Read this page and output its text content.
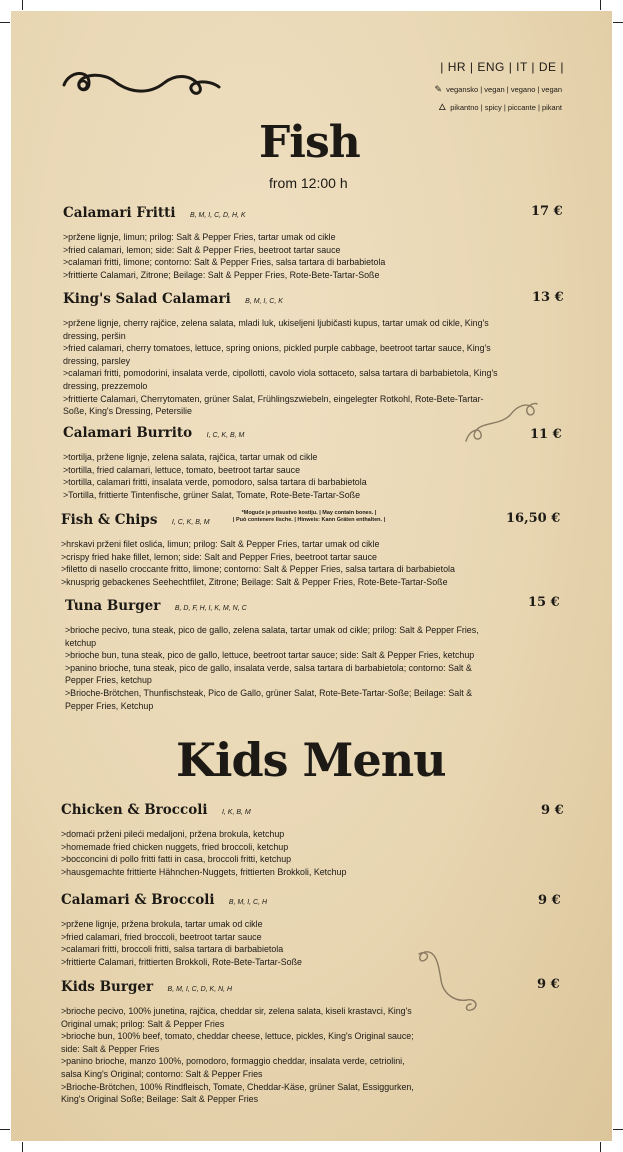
| HR | ENG | IT | DE |
✎ vegansko | vegan | vegano | vegan
🜂 pikantno | spicy | piccante | pikant
Fish
from 12:00 h
Calamari Fritti B, M, I, C, D, H, K
>pržene lignje, limun; prilog: Salt & Pepper Fries, tartar umak od cikle
>fried calamari, lemon; side: Salt & Pepper Fries, beetroot tartar sauce
>calamari fritti, limone; contorno: Salt & Pepper Fries, salsa tartara di barbabietola
>frittierte Calamari, Zitrone; Beilage: Salt & Pepper Fries, Rote-Bete-Tartar-Soße
17 €
King's Salad Calamari B, M, I, C, K
>pržene lignje, cherry rajčice, zelena salata, mladi luk, ukiseljeni ljubičasti kupus, tartar umak od cikle, King's dressing, peršin
>fried calamari, cherry tomatoes, lettuce, spring onions, pickled purple cabbage, beetroot tartar sauce, King's dressing, parsley
>calamari fritti, pomodorini, insalata verde, cipollotti, cavolo viola sottaceto, salsa tartara di barbabietola, King's dressing, prezzemolo
>frittierte Calamari, Cherrytomaten, grüner Salat, Frühlingszwiebeln, eingelegter Rotkohl, Rote-Bete-Tartar-Soße, King's Dressing, Petersilie
13 €
Calamari Burrito I, C, K, B, M
>tortilja, pržene lignje, zelena salata, rajčica, tartar umak od cikle
>tortilla, fried calamari, lettuce, tomato, beetroot tartar sauce
>tortilla, calamari fritti, insalata verde, pomodoro, salsa tartara di barbabietola
>Tortilla, frittierte Tintenfische, grüner Salat, Tomate, Rote-Bete-Tartar-Soße
11 €
Fish & Chips I, C, K, B, M
>hrskavi prženi filet oslića, limun; prilog: Salt & Pepper Fries, tartar umak od cikle
>crispy fried hake fillet, lemon; side: Salt and Pepper Fries, beetroot tartar sauce
>filetto di nasello croccante fritto, limone; contorno: Salt & Pepper Fries, salsa tartara di barbabietola
>knusprig gebackenes Seehechtfilet, Zitrone; Beilage: Salt & Pepper Fries, Rote-Bete-Tartar-Soße
*Moguće je prisustvo kostiju. | May contain bones. |
| Può contenere lische. | Hinweis: Kann Gräten enthalten. |	16,50 €
Tuna Burger B, D, F, H, I, K, M, N, C
>brioche pecivo, tuna steak, pico de gallo, zelena salata, tartar umak od cikle; prilog: Salt & Pepper Fries, ketchup
>brioche bun, tuna steak, pico de gallo, lettuce, beetroot tartar sauce; side: Salt & Pepper Fries, ketchup
>panino brioche, tuna steak, pico de gallo, insalata verde, salsa tartara di barbabietola; contorno: Salt & Pepper Fries, ketchup
>Brioche-Brötchen, Thunfischsteak, Pico de Gallo, grüner Salat, Rote-Bete-Tartar-Soße; Beilage: Salt & Pepper Fries, Ketchup
15 €
Kids Menu
Chicken & Broccoli I, K, B, M
>domaći prženi pileći medaljoni, pržena brokula, ketchup
>homemade fried chicken nuggets, fried broccoli, ketchup
>bocconcini di pollo fritti fatti in casa, broccoli fritti, ketchup
>hausgemachte frittierte Hähnchen-Nuggets, frittierten Brokkoli, Ketchup
9 €
Calamari & Broccoli B, M, I, C, H
>pržene lignje, pržena brokula, tartar umak od cikle
>fried calamari, fried broccoli, beetroot tartar sauce
>calamari fritti, broccoli fritti, salsa tartara di barbabietola
>frittierte Calamari, frittierten Brokkoli, Rote-Bete-Tartar-Soße
9 €
Kids Burger B, M, I, C, D, K, N, H
>brioche pecivo, 100% junetina, rajčica, cheddar sir, zelena salata, kiseli krastavci, King's Original umak; prilog: Salt & Pepper Fries
>brioche bun, 100% beef, tomato, cheddar cheese, lettuce, pickles, King's Original sauce; side: Salt & Pepper Fries
>panino brioche, manzo 100%, pomodoro, formaggio cheddar, insalata verde, cetriolini, salsa King's Original; contorno: Salt & Pepper Fries
>Brioche-Brötchen, 100% Rindfleisch, Tomate, Cheddar-Käse, grüner Salat, Essiggurken, King's Original Soße; Beilage: Salt & Pepper Fries
9 €
